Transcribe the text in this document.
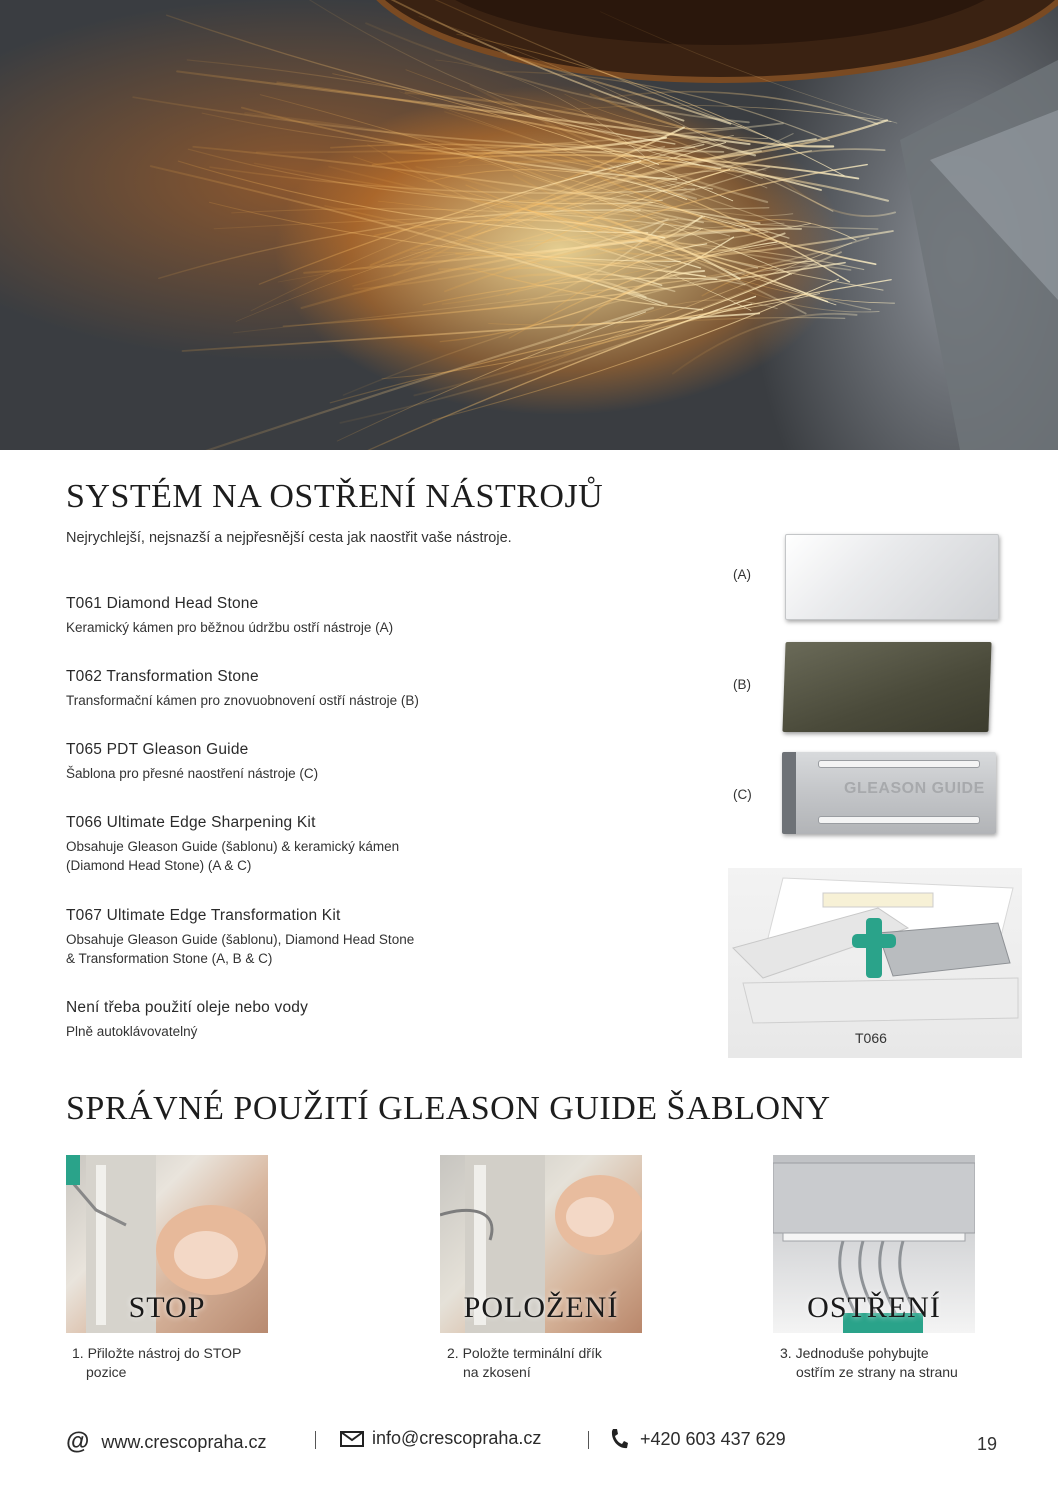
SYSTÉM NA OSTŘENÍ NÁSTROJŮ
Nejrychlejší, nejsnazší a nejpřesnější cesta jak naostřit vaše nástroje.
T061 Diamond Head Stone
Keramický kámen pro běžnou údržbu ostří nástroje (A)
T062 Transformation Stone
Transformační kámen pro znovuobnovení ostří nástroje (B)
T065 PDT Gleason Guide
Šablona pro přesné naostření nástroje (C)
T066 Ultimate Edge Sharpening Kit
Obsahuje Gleason Guide (šablonu) & keramický kámen
(Diamond Head Stone) (A & C)
T067 Ultimate Edge Transformation Kit
Obsahuje Gleason Guide (šablonu), Diamond Head Stone
& Transformation Stone (A, B & C)
Není třeba použití oleje nebo vody
Plně autoklávovatelný
(A)
(B)
(C)	GLEASON GUIDE
T066
SPRÁVNÉ POUŽITÍ GLEASON GUIDE ŠABLONY
STOP	POLOŽENÍ	OSTŘENÍ
1. Přiložte nástroj do STOP
pozice
2. Položte terminální dřík
na zkosení
3. Jednoduše pohybujte
ostřím ze strany na stranu
@ www.crescopraha.cz	info@crescopraha.cz	+420 603 437 629	19
